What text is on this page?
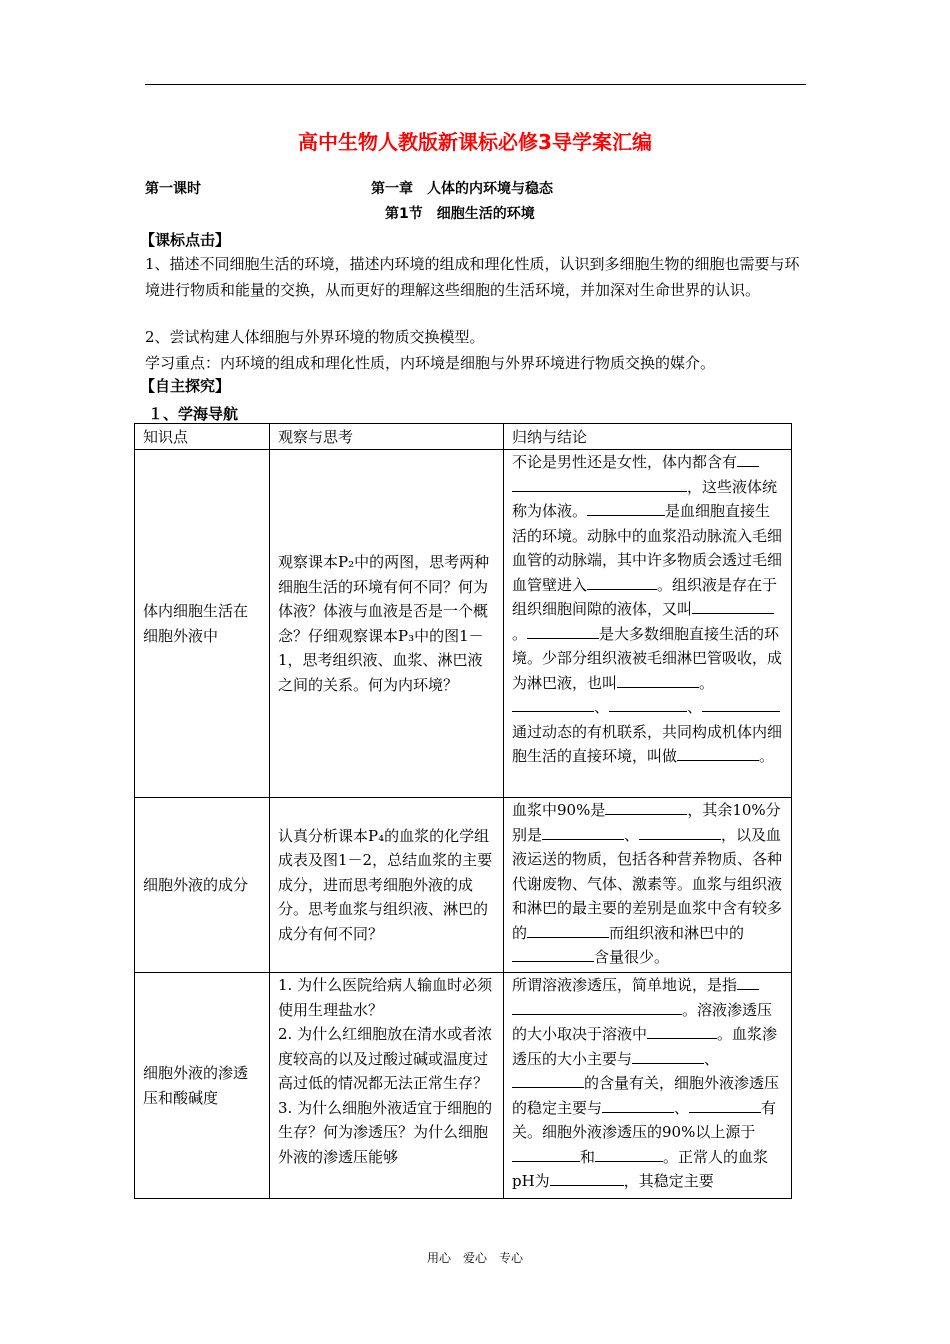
高中生物人教版新课标必修3导学案汇编
第一课时	第一章　人体的内环境与稳态
第1节　细胞生活的环境
【课标点击】
1、描述不同细胞生活的环境，描述内环境的组成和理化性质，认识到多细胞生物的细胞也需要与环境进行物质和能量的交换，从而更好的理解这些细胞的生活环境，并加深对生命世界的认识。
2、尝试构建人体细胞与外界环境的物质交换模型。
学习重点：内环境的组成和理化性质，内环境是细胞与外界环境进行物质交换的媒介。
【自主探究】
１、学海导航
知识点	观察与思考	归纳与结论
体内细胞生活在细胞外液中	观察课本P₂中的两图，思考两种细胞生活的环境有何不同？何为体液？体液与血液是否是一个概念？仔细观察课本P₃中的图1－1，思考组织液、血浆、淋巴液之间的关系。何为内环境？	不论是男性还是女性，体内都含有，这些液体统称为体液。 是血细胞直接生活的环境。动脉中的血浆沿动脉流入毛细血管的动脉端，其中许多物质会透过毛细血管壁进入 。组织液是存在于组织细胞间隙的液体，又叫。 是大多数细胞直接生活的环境。少部分组织液被毛细淋巴管吸收，成为淋巴液，也叫 。、 、通过动态的有机联系，共同构成机体内细胞生活的直接环境，叫做 。
细胞外液的成分	认真分析课本P₄的血浆的化学组成表及图1－2，总结血浆的主要成分，进而思考细胞外液的成分。思考血浆与组织液、淋巴的成分有何不同？	血浆中90%是 ，其余10%分别是 、 ，以及血液运送的物质，包括各种营养物质、各种代谢废物、气体、激素等。血浆与组织液和淋巴的最主要的差别是血浆中含有较多的 而组织液和淋巴中的含量很少。
细胞外液的渗透压和酸碱度	1. 为什么医院给病人输血时必须使用生理盐水？
2. 为什么红细胞放在清水或者浓度较高的以及过酸过碱或温度过高过低的情况都无法正常生存？
3. 为什么细胞外液适宜于细胞的生存？何为渗透压？为什么细胞外液的渗透压能够	所谓溶液渗透压，简单地说，是指。溶液渗透压的大小取决于溶液中 。血浆渗透压的大小主要与 、的含量有关，细胞外液渗透压的稳定主要与 、 有关。细胞外液渗透压的90%以上源于和 。正常人的血浆pH为 ，其稳定主要
用心　爱心　专心
